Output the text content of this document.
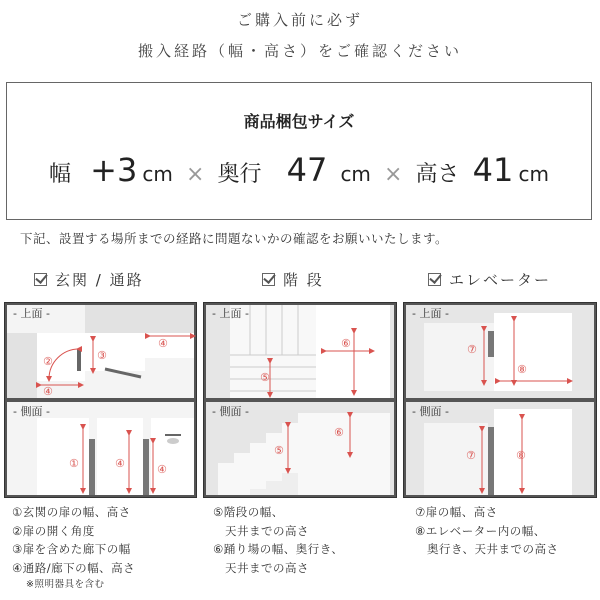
ご購入前に必ず
搬入経路（幅・高さ）をご確認ください
商品梱包サイズ
幅 +3 cm × 奥行 47 cm × 高さ 41 cm
下記、設置する場所までの経路に問題ないかの確認をお願いいたします。
玄関 / 通路	階 段	エレベーター
- 上面 -
②	③
④
④
- 側面 -
①	④	④
- 上面 -
⑤
⑥
- 側面 -
⑤
⑥
- 上面 -
⑦
⑧
- 側面 -
⑦	⑧
①玄関の扉の幅、高さ
②扉の開く角度
③扉を含めた廊下の幅
④通路/廊下の幅、高さ
※照明器具を含む
⑤階段の幅、
　天井までの高さ
⑥踊り場の幅、奥行き、
　天井までの高さ
⑦扉の幅、高さ
⑧エレベーター内の幅、
　奥行き、天井までの高さ
